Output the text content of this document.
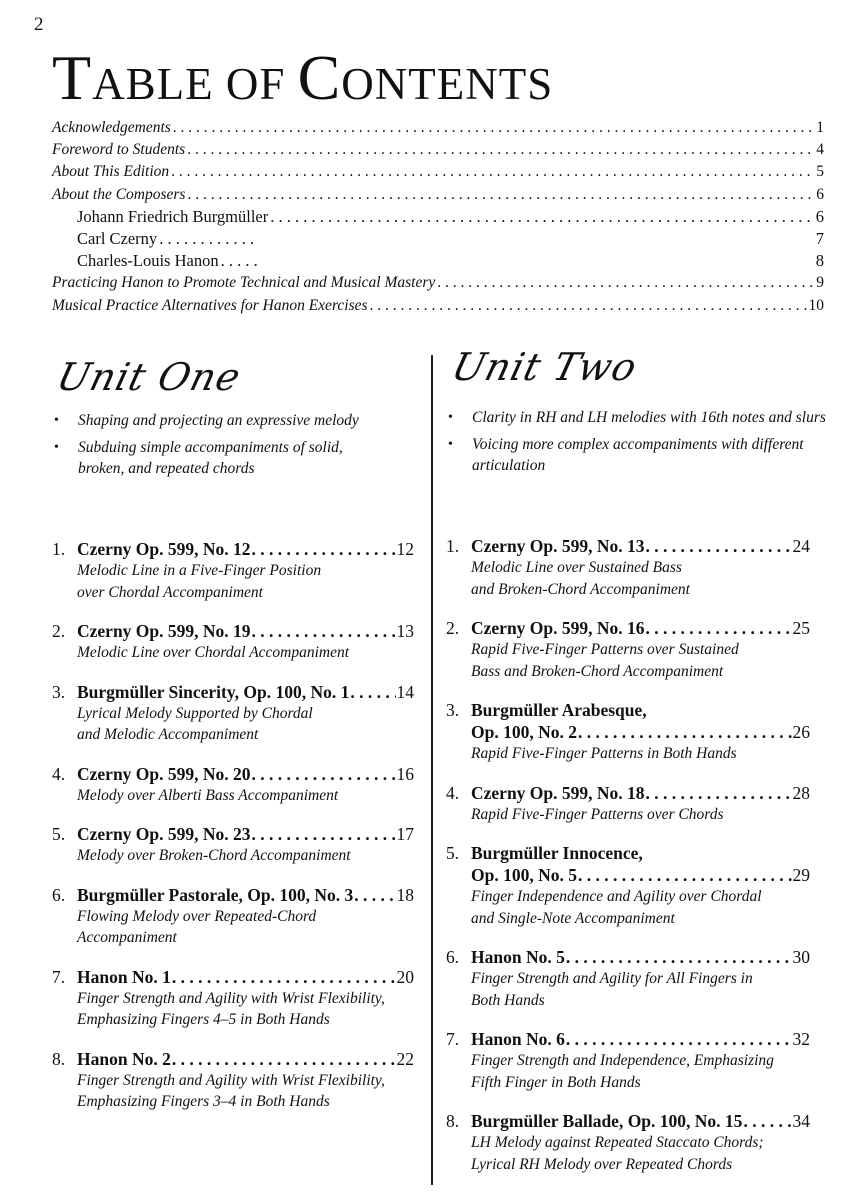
2
TABLE OF CONTENTS
Acknowledgements . . .	1
Foreword to Students . . .	4
About This Edition . . .	5
About the Composers . . .	6
Johann Friedrich Burgmüller . . .	6
Carl Czerny . . .	7
Charles-Louis Hanon . . .	8
Practicing Hanon to Promote Technical and Musical Mastery . . .	9
Musical Practice Alternatives for Hanon Exercises . . .	10
Unit One
• Shaping and projecting an expressive melody
• Subduing simple accompaniments of solid, broken, and repeated chords
1. Czerny Op. 599, No. 12 . . .	12
Melodic Line in a Five-Finger Position
over Chordal Accompaniment
2. Czerny Op. 599, No. 19 . . .	13
Melodic Line over Chordal Accompaniment
3. Burgmüller Sincerity, Op. 100, No. 1 . . .	14
Lyrical Melody Supported by Chordal
and Melodic Accompaniment
4. Czerny Op. 599, No. 20 . . .	16
Melody over Alberti Bass Accompaniment
5. Czerny Op. 599, No. 23 . . .	17
Melody over Broken-Chord Accompaniment
6. Burgmüller Pastorale, Op. 100, No. 3 . . . 18
Flowing Melody over Repeated-Chord
Accompaniment
7. Hanon No. 1 . . .	20
Finger Strength and Agility with Wrist Flexibility,
Emphasizing Fingers 4–5 in Both Hands
8. Hanon No. 2 . . .	22
Finger Strength and Agility with Wrist Flexibility,
Emphasizing Fingers 3–4 in Both Hands
Unit Two
• Clarity in RH and LH melodies with 16th notes and slurs
• Voicing more complex accompaniments with different articulation
1. Czerny Op. 599, No. 13 . . .	24
Melodic Line over Sustained Bass
and Broken-Chord Accompaniment
2. Czerny Op. 599, No. 16 . . .	25
Rapid Five-Finger Patterns over Sustained
Bass and Broken-Chord Accompaniment
3. Burgmüller Arabesque,
Op. 100, No. 2 . . .	26
Rapid Five-Finger Patterns in Both Hands
4. Czerny Op. 599, No. 18 . . .	28
Rapid Five-Finger Patterns over Chords
5. Burgmüller Innocence,
Op. 100, No. 5 . . .	29
Finger Independence and Agility over Chordal
and Single-Note Accompaniment
6. Hanon No. 5 . . .	30
Finger Strength and Agility for All Fingers in
Both Hands
7. Hanon No. 6 . . .	32
Finger Strength and Independence, Emphasizing
Fifth Finger in Both Hands
8. Burgmüller Ballade, Op. 100, No. 15 . . .	34
LH Melody against Repeated Staccato Chords;
Lyrical RH Melody over Repeated Chords
